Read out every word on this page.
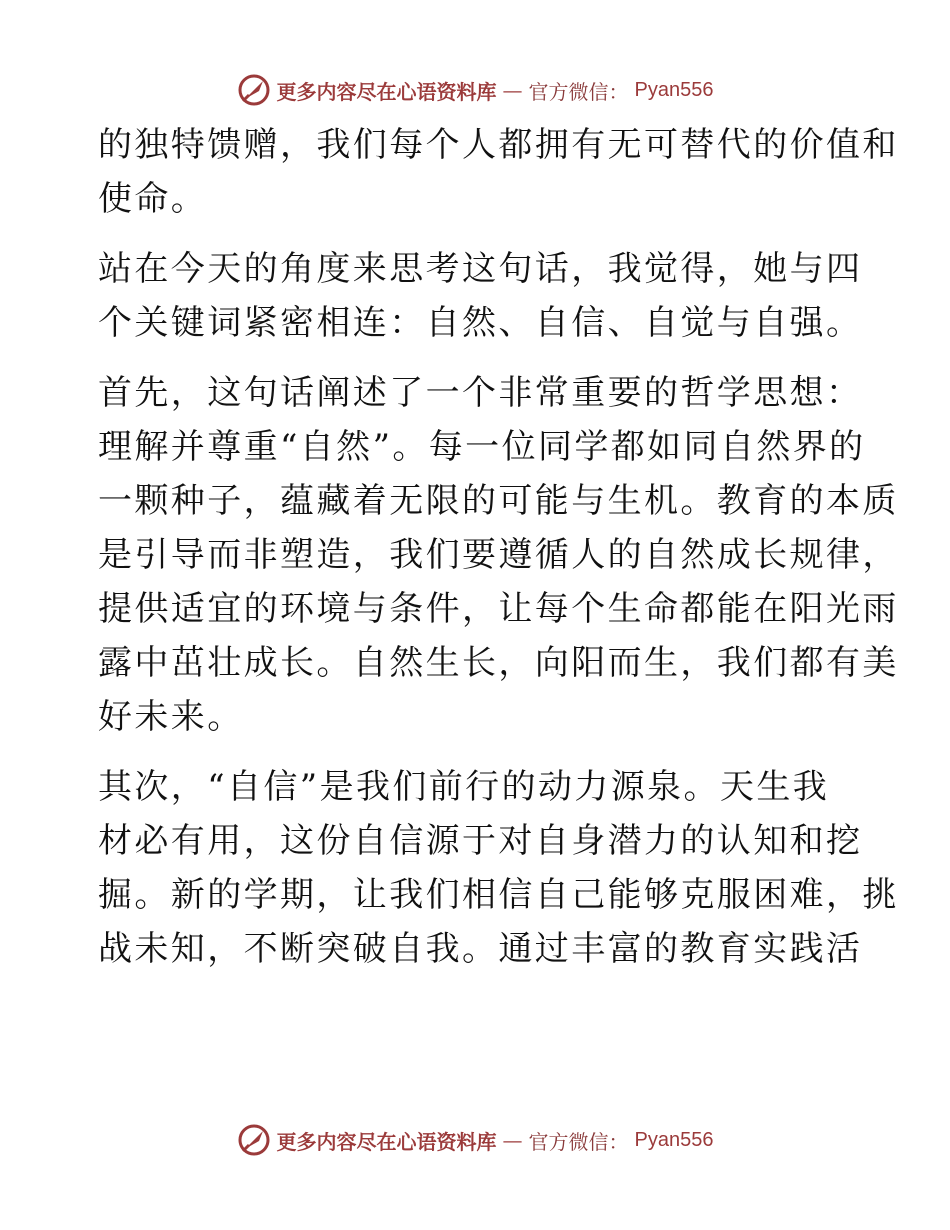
更多内容尽在心语资料库 — 官方微信： Pyan556
的独特馈赠，我们每个人都拥有无可替代的价值和
使命。
站在今天的角度来思考这句话，我觉得，她与四
个关键词紧密相连：自然、自信、自觉与自强。
首先，这句话阐述了一个非常重要的哲学思想：
理解并尊重“自然”。每一位同学都如同自然界的
一颗种子，蕴藏着无限的可能与生机。教育的本质
是引导而非塑造，我们要遵循人的自然成长规律，
提供适宜的环境与条件，让每个生命都能在阳光雨
露中茁壮成长。自然生长，向阳而生，我们都有美
好未来。
其次，“自信”是我们前行的动力源泉。天生我
材必有用，这份自信源于对自身潜力的认知和挖
掘。新的学期，让我们相信自己能够克服困难，挑
战未知，不断突破自我。通过丰富的教育实践活
更多内容尽在心语资料库 — 官方微信： Pyan556
